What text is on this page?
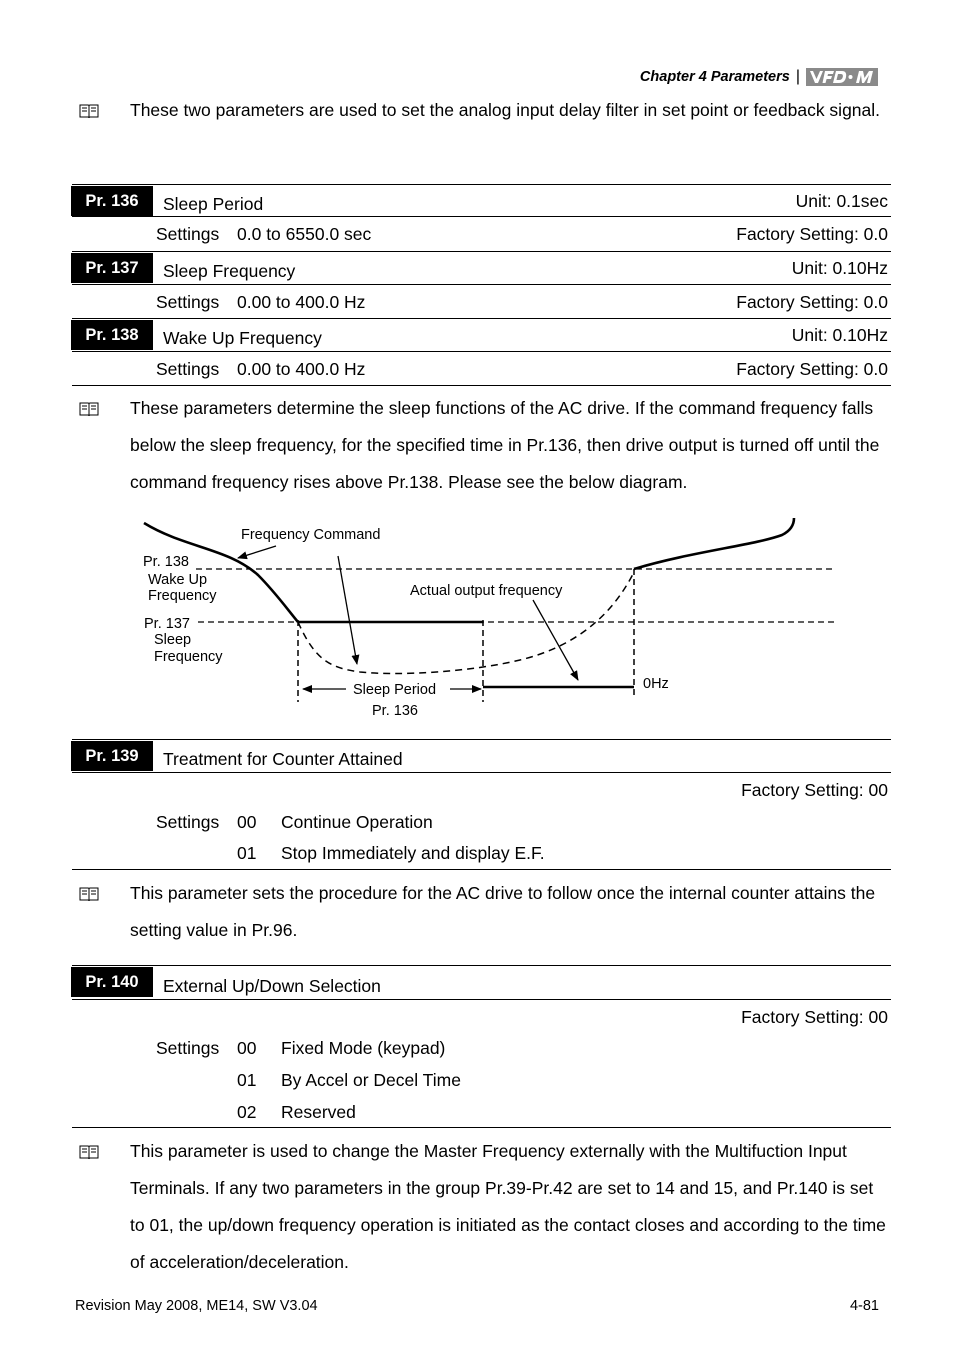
Chapter 4 Parameters |
These two parameters are used to set the analog input delay filter in set point or feedback signal.
Pr. 136	Sleep Period	Unit: 0.1sec
Settings 0.0 to 6550.0 sec	Factory Setting: 0.0
Pr. 137	Sleep Frequency	Unit: 0.10Hz
Settings 0.00 to 400.0 Hz	Factory Setting: 0.0
Pr. 138	Wake Up Frequency	Unit: 0.10Hz
Settings 0.00 to 400.0 Hz	Factory Setting: 0.0
These parameters determine the sleep functions of the AC drive. If the command frequency falls below the sleep frequency, for the specified time in Pr.136, then drive output is turned off until the command frequency rises above Pr.138. Please see the below diagram.
Frequency Command
Actual output frequency
Pr. 138
Wake Up
Frequency
Pr. 137
Sleep
Frequency
Sleep Period
Pr. 136
0Hz
Pr. 139	Treatment for Counter Attained
Factory Setting: 00
Settings 00 Continue Operation
01 Stop Immediately and display E.F.
This parameter sets the procedure for the AC drive to follow once the internal counter attains the setting value in Pr.96.
Pr. 140	External Up/Down Selection
Factory Setting: 00
Settings 00 Fixed Mode (keypad)
01 By Accel or Decel Time
02 Reserved
This parameter is used to change the Master Frequency externally with the Multifuction Input Terminals. If any two parameters in the group Pr.39-Pr.42 are set to 14 and 15, and Pr.140 is set to 01, the up/down frequency operation is initiated as the contact closes and according to the time of acceleration/deceleration.
Revision May 2008, ME14, SW V3.04	4-81
